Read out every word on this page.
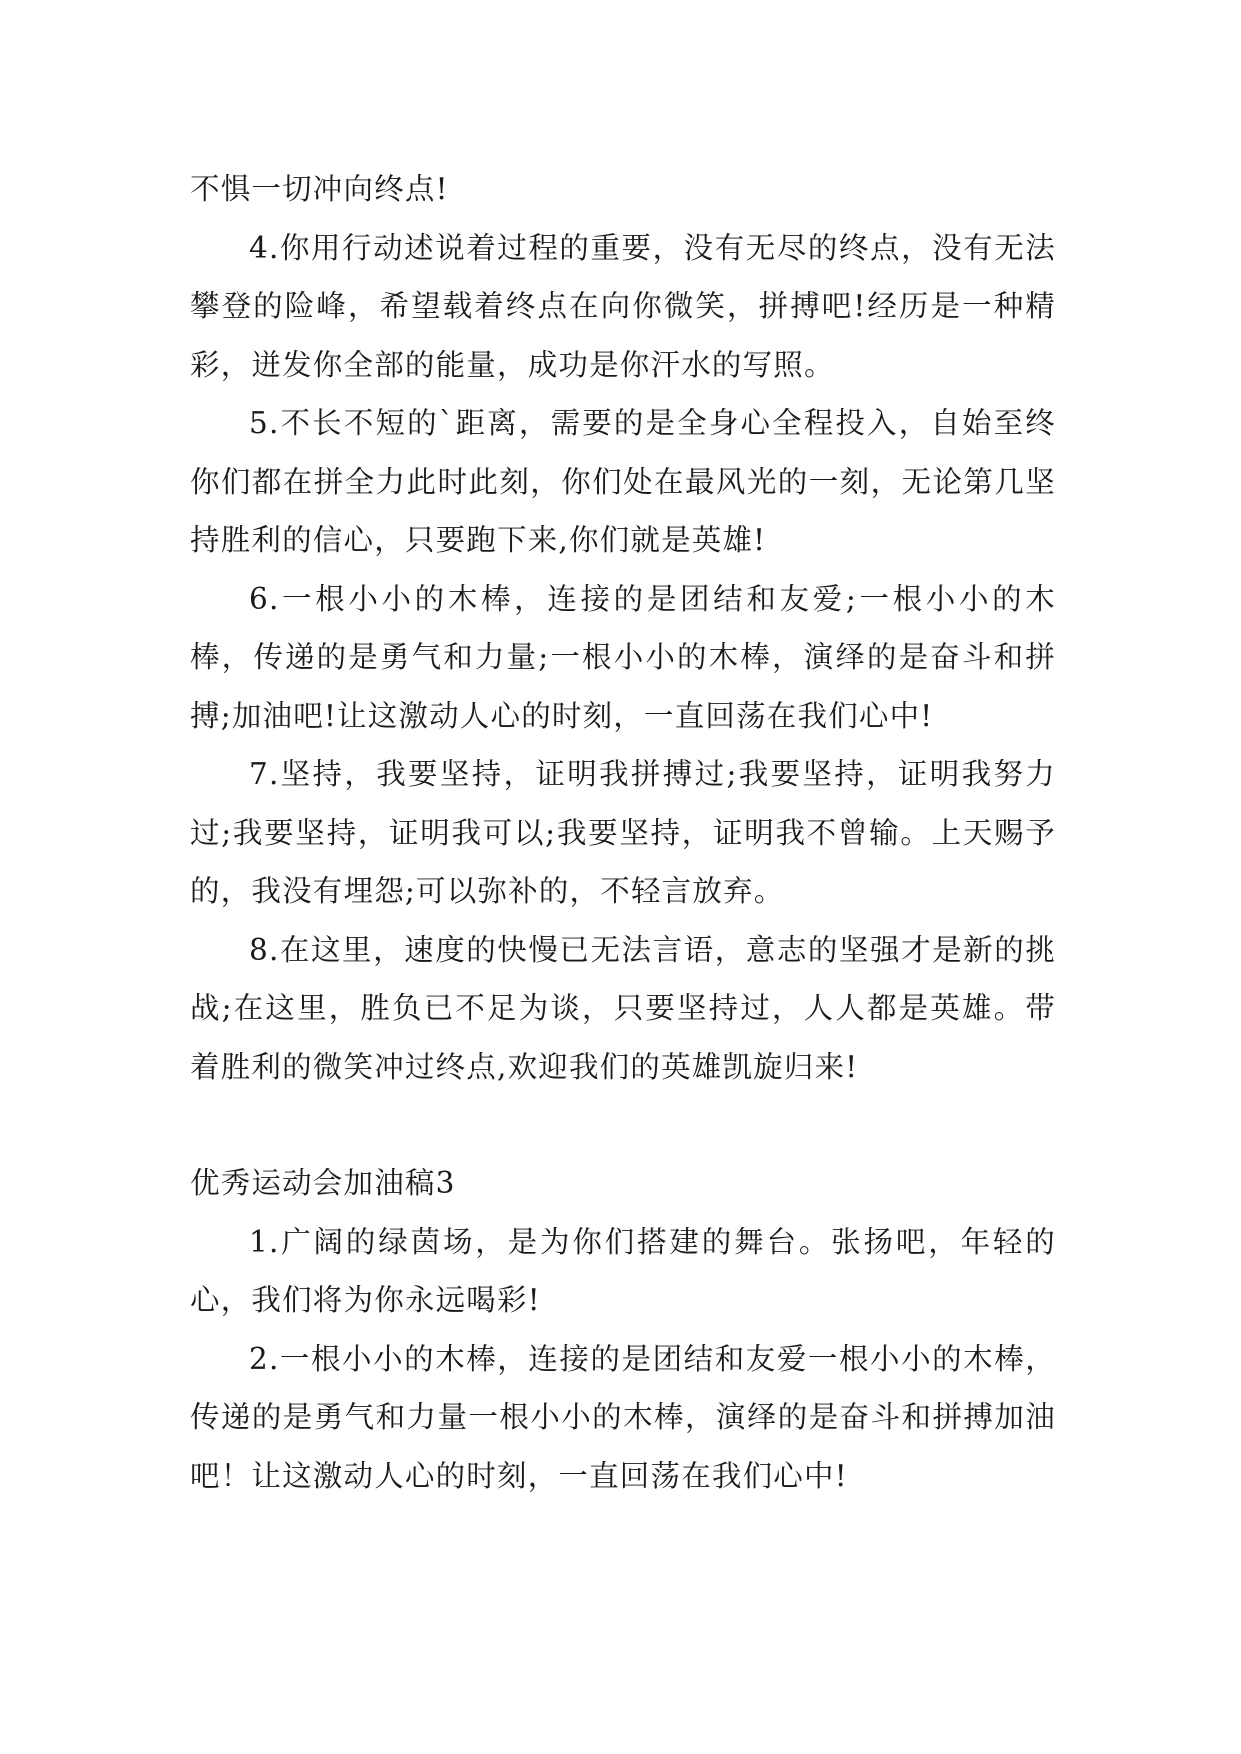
不惧一切冲向终点!

4.你用行动述说着过程的重要，没有无尽的终点，没有无法攀登的险峰，希望载着终点在向你微笑，拼搏吧!经历是一种精彩，迸发你全部的能量，成功是你汗水的写照。

5.不长不短的`距离，需要的是全身心全程投入，自始至终你们都在拼全力此时此刻，你们处在最风光的一刻，无论第几坚持胜利的信心，只要跑下来,你们就是英雄!

6.一根小小的木棒，连接的是团结和友爱;一根小小的木棒，传递的是勇气和力量;一根小小的木棒，演绎的是奋斗和拼搏;加油吧!让这激动人心的时刻，一直回荡在我们心中!

7.坚持，我要坚持，证明我拼搏过;我要坚持，证明我努力过;我要坚持，证明我可以;我要坚持，证明我不曾输。上天赐予的，我没有埋怨;可以弥补的，不轻言放弃。

8.在这里，速度的快慢已无法言语，意志的坚强才是新的挑战;在这里，胜负已不足为谈，只要坚持过，人人都是英雄。带着胜利的微笑冲过终点,欢迎我们的英雄凯旋归来!

优秀运动会加油稿3

1.广阔的绿茵场，是为你们搭建的舞台。张扬吧，年轻的心，我们将为你永远喝彩!

2.一根小小的木棒，连接的是团结和友爱一根小小的木棒，传递的是勇气和力量一根小小的木棒，演绎的是奋斗和拼搏加油吧！让这激动人心的时刻，一直回荡在我们心中!
